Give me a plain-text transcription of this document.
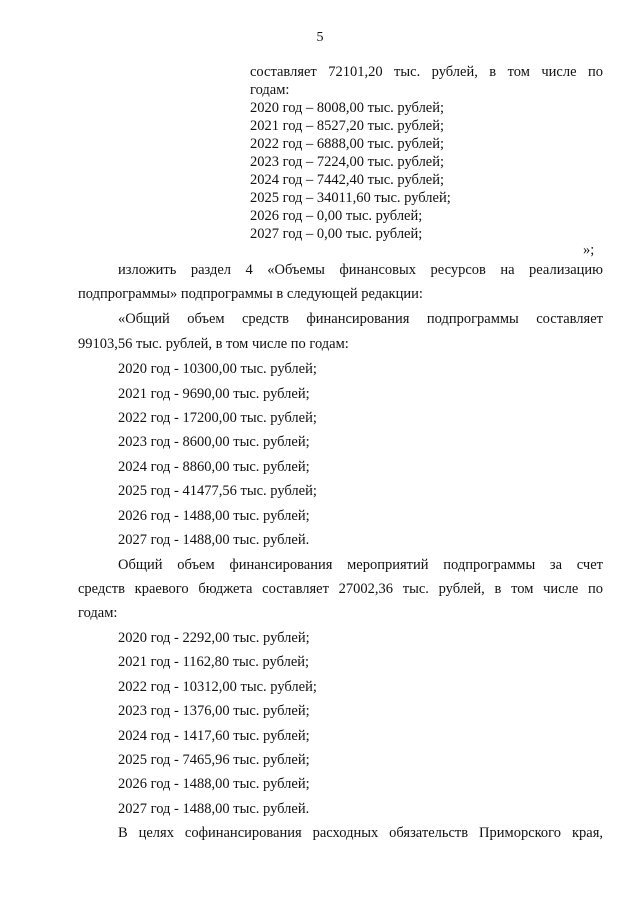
5
составляет 72101,20 тыс. рублей, в том числе по
годам:
2020 год – 8008,00 тыс. рублей;
2021 год – 8527,20 тыс. рублей;
2022 год – 6888,00 тыс. рублей;
2023 год – 7224,00 тыс. рублей;
2024 год – 7442,40 тыс. рублей;
2025 год – 34011,60 тыс. рублей;
2026 год – 0,00 тыс. рублей;
2027 год – 0,00 тыс. рублей;
»;
изложить раздел 4 «Объемы финансовых ресурсов на реализацию
подпрограммы» подпрограммы в следующей редакции:
«Общий объем средств финансирования подпрограммы составляет
99103,56 тыс. рублей, в том числе по годам:
2020 год - 10300,00 тыс. рублей;
2021 год - 9690,00 тыс. рублей;
2022 год - 17200,00 тыс. рублей;
2023 год - 8600,00 тыс. рублей;
2024 год - 8860,00 тыс. рублей;
2025 год - 41477,56 тыс. рублей;
2026 год - 1488,00 тыс. рублей;
2027 год - 1488,00 тыс. рублей.
Общий объем финансирования мероприятий подпрограммы за счет
средств краевого бюджета составляет 27002,36 тыс. рублей, в том числе по
годам:
2020 год - 2292,00 тыс. рублей;
2021 год - 1162,80 тыс. рублей;
2022 год - 10312,00 тыс. рублей;
2023 год - 1376,00 тыс. рублей;
2024 год - 1417,60 тыс. рублей;
2025 год - 7465,96 тыс. рублей;
2026 год - 1488,00 тыс. рублей;
2027 год - 1488,00 тыс. рублей.
В целях софинансирования расходных обязательств Приморского края,
